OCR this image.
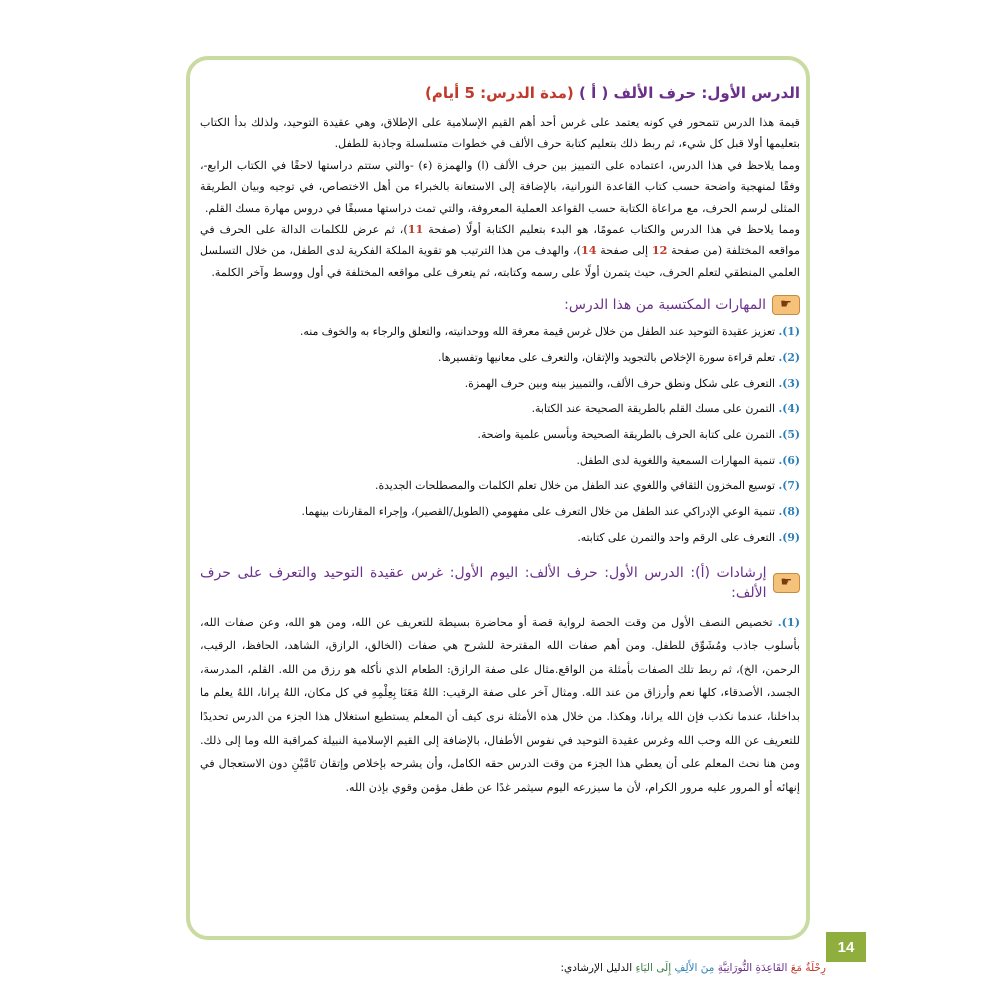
الدرس الأول: حرف الألف ( أ ) (مدة الدرس: 5 أيام)

قيمة هذا الدرس تتمحور في كونه يعتمد على غرس أحد أهم القيم الإسلامية على الإطلاق، وهي عقيدة التوحيد، ولذلك بدأ الكتاب بتعليمها أولا قبل كل شيء، ثم ربط ذلك بتعليم كتابة حرف الألف في خطوات متسلسلة وجاذبة للطفل.

ومما يلاحظ في هذا الدرس، اعتماده على التمييز بين حرف الألف (ا) والهمزة (ء) -والتي ستتم دراستها لاحقًا في الكتاب الرابع-، وفقًا لمنهجية واضحة حسب كتاب القاعدة النورانية، بالإضافة إلى الاستعانة بالخبراء من أهل الاختصاص، في توجيه وبيان الطريقة المثلى لرسم الحرف، مع مراعاة الكتابة حسب القواعد العملية المعروفة، والتي تمت دراستها مسبقًا في دروس مهارة مسك القلم.

ومما يلاحظ في هذا الدرس والكتاب عمومًا، هو البدء بتعليم الكتابة أولًا (صفحة 11)، ثم عرض للكلمات الدالة على الحرف في مواقعه المختلفة (من صفحة 12 إلى صفحة 14)، والهدف من هذا الترتيب هو تقوية الملكة الفكرية لدى الطفل، من خلال التسلسل العلمي المنطقي لتعلم الحرف، حيث يتمرن أولًا على رسمه وكتابته، ثم يتعرف على مواقعه المختلفة في أول ووسط وآخر الكلمة.

☛
المهارات المكتسبة من هذا الدرس:
(1). تعزيز عقيدة التوحيد عند الطفل من خلال غرس قيمة معرفة الله ووحدانيته، والتعلق والرجاء به والخوف منه.
(2). تعلم قراءة سورة الإخلاص بالتجويد والإتقان، والتعرف على معانيها وتفسيرها.
(3). التعرف على شكل ونطق حرف الألف، والتمييز بينه وبين حرف الهمزة.
(4). التمرن على مسك القلم بالطريقة الصحيحة عند الكتابة.
(5). التمرن على كتابة الحرف بالطريقة الصحيحة وبأسس علمية واضحة.
(6). تنمية المهارات السمعية واللغوية لدى الطفل.
(7). توسيع المخزون الثقافي واللغوي عند الطفل من خلال تعلم الكلمات والمصطلحات الجديدة.
(8). تنمية الوعي الإدراكي عند الطفل من خلال التعرف على مفهومي (الطويل/القصير)، وإجراء المقارنات بينهما.
(9). التعرف على الرقم واحد والتمرن على كتابته.
☛
إرشادات (أ): الدرس الأول: حرف الألف: اليوم الأول: غرس عقيدة التوحيد والتعرف على حرف الألف:

(1). تخصيص النصف الأول من وقت الحصة لرواية قصة أو محاضرة بسيطة للتعريف عن الله، ومن هو الله، وعن صفات الله، بأسلوب جاذب ومُشَوِّق للطفل. ومن أهم صفات الله المقترحة للشرح هي صفات (الخالق، الرازق، الشاهد، الحافظ، الرقيب، الرحمن، الخ)، ثم ربط تلك الصفات بأمثلة من الواقع.مثال على صفة الرازق: الطعام الذي نأكله هو رزق من الله. القلم، المدرسة، الجسد، الأصدقاء، كلها نعم وأرزاق من عند الله. ومثال آخر على صفة الرقيب: اللهُ مَعَنَا بِعِلْمِهِ في كل مكان، اللهُ يرانا، اللهُ يعلم ما بداخلنا، عندما نكذب فإن الله يرانا، وهكذا. من خلال هذه الأمثلة نرى كيف أن المعلم يستطيع استغلال هذا الجزء من الدرس تحديدًا للتعريف عن الله وحب الله وغرس عقيدة التوحيد في نفوس الأطفال، بالإضافة إلى القيم الإسلامية النبيلة كمراقبة الله وما إلى ذلك. ومن هنا نحث المعلم على أن يعطي هذا الجزء من وقت الدرس حقه الكامل، وأن يشرحه بإخلاص وإتقان تَامَّيْنِ دون الاستعجال في إنهائه أو المرور عليه مرور الكرام، لأن ما سيزرعه اليوم سيثمر غدًا عن طفل مؤمن وقوي بإذن الله.

14
رِحْلَةٌ مَعَ القَاعِدَةِ النُّورَانِيَّةِ مِنَ الأَلِفِ إِلَى اليَاءِ الدليل الإرشادي:
